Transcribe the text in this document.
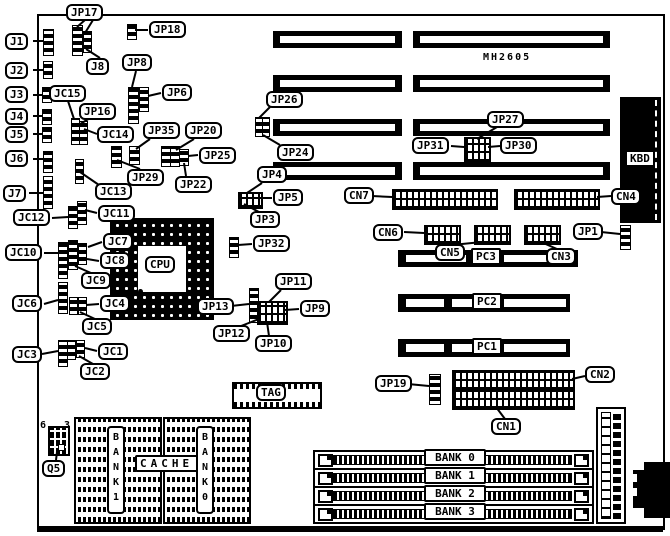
MH2605
BANK1
BANK0
6 3
J1
J2
J3
J4
J5
J6
J7
JP17
J8
JP18
JP8
JP6
JC15
JP16
JC14	JP35	JP20
JP25
JP29
JP22
JC13
JC12	JC11
JC10
JC7
JC8
JC9
JC6	JC4
JC5
JC3	JC1
JC2
JP26
JP24
JP4
JP5
JP3
JP32
JP13
JP11
JP9
JP12
JP10
JP27
JP31	JP30
CN7	CN4
CN6
CN5	PC3	CN3
JP1
PC2
PC1
JP19
CN2
CN1
KBD
CPU
TAG
Q5	CACHE	BANK 0
BANK 1
BANK 2
BANK 3
